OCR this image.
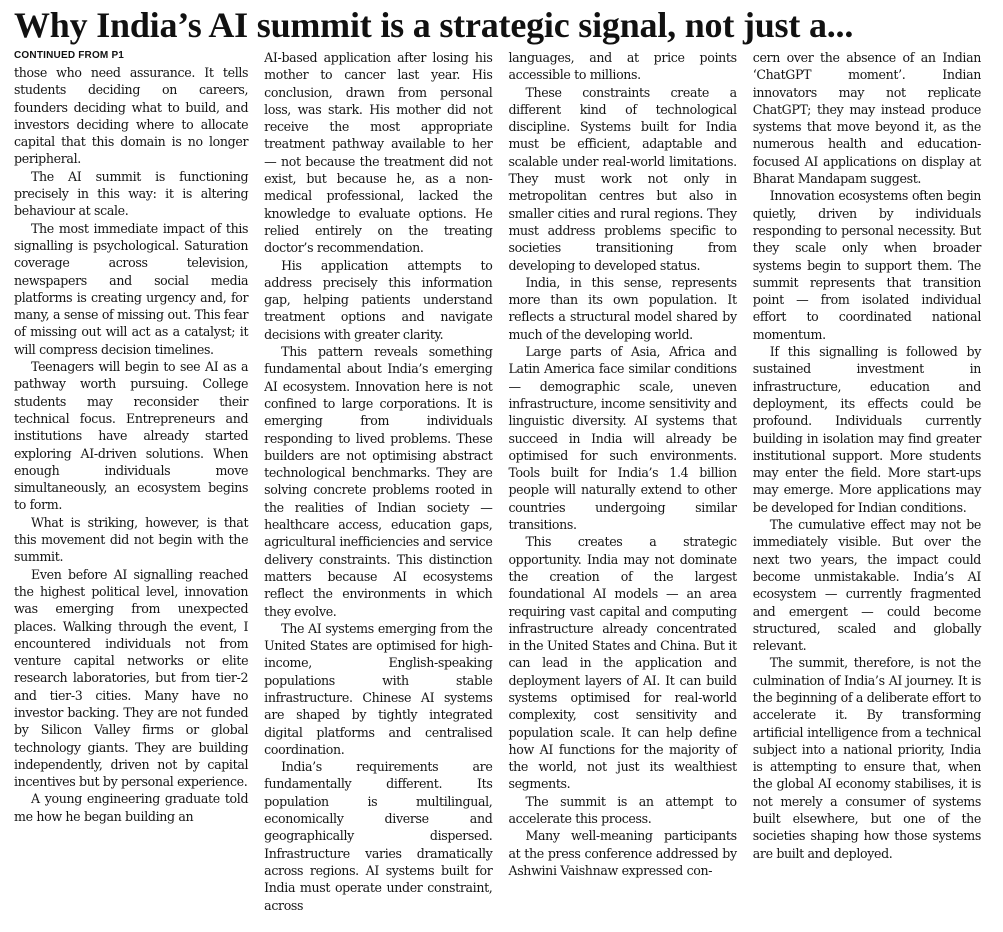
Why India’s AI summit is a strategic signal, not just a...
CONTINUED FROM P1

those who need assurance. It tells students deciding on careers, founders deciding what to build, and investors deciding where to allocate capital that this domain is no longer peripheral.

The AI summit is functioning precisely in this way: it is altering behaviour at scale.

The most immediate impact of this signalling is psychological. Saturation coverage across television, newspapers and social media platforms is creating urgency and, for many, a sense of missing out. This fear of missing out will act as a catalyst; it will compress decision timelines.

Teenagers will begin to see AI as a pathway worth pursuing. College students may reconsider their technical focus. Entrepreneurs and institutions have already started exploring AI-driven solutions. When enough individuals move simultaneously, an ecosystem begins to form.

What is striking, however, is that this movement did not begin with the summit.

Even before AI signalling reached the highest political level, innovation was emerging from unexpected places. Walking through the event, I encountered individuals not from venture capital networks or elite research laboratories, but from tier-2 and tier-3 cities. Many have no investor backing. They are not funded by Silicon Valley firms or global technology giants. They are building independently, driven not by capital incentives but by personal experience.

A young engineering graduate told me how he began building an

AI-based application after losing his mother to cancer last year. His conclusion, drawn from personal loss, was stark. His mother did not receive the most appropriate treatment pathway available to her — not because the treatment did not exist, but because he, as a non-medical professional, lacked the knowledge to evaluate options. He relied entirely on the treating doctor’s recommendation.

His application attempts to address precisely this information gap, helping patients understand treatment options and navigate decisions with greater clarity.

This pattern reveals something fundamental about India’s emerging AI ecosystem. Innovation here is not confined to large corporations. It is emerging from individuals responding to lived problems. These builders are not optimising abstract technological benchmarks. They are solving concrete problems rooted in the realities of Indian society — healthcare access, education gaps, agricultural inefficiencies and service delivery constraints. This distinction matters because AI ecosystems reflect the environments in which they evolve.

The AI systems emerging from the United States are optimised for high-income, English-speaking populations with stable infrastructure. Chinese AI systems are shaped by tightly integrated digital platforms and centralised coordination.

India’s requirements are fundamentally different. Its population is multilingual, economically diverse and geographically dispersed. Infrastructure varies dramatically across regions. AI systems built for India must operate under constraint, across

languages, and at price points accessible to millions.

These constraints create a different kind of technological discipline. Systems built for India must be efficient, adaptable and scalable under real-world limitations. They must work not only in metropolitan centres but also in smaller cities and rural regions. They must address problems specific to societies transitioning from developing to developed status.

India, in this sense, represents more than its own population. It reflects a structural model shared by much of the developing world.

Large parts of Asia, Africa and Latin America face similar conditions — demographic scale, uneven infrastructure, income sensitivity and linguistic diversity. AI systems that succeed in India will already be optimised for such environments. Tools built for India’s 1.4 billion people will naturally extend to other countries undergoing similar transitions.

This creates a strategic opportunity. India may not dominate the creation of the largest foundational AI models — an area requiring vast capital and computing infrastructure already concentrated in the United States and China. But it can lead in the application and deployment layers of AI. It can build systems optimised for real-world complexity, cost sensitivity and population scale. It can help define how AI functions for the majority of the world, not just its wealthiest segments.

The summit is an attempt to accelerate this process.

Many well-meaning participants at the press conference addressed by Ashwini Vaishnaw expressed con-

cern over the absence of an Indian ‘ChatGPT moment’. Indian innovators may not replicate ChatGPT; they may instead produce systems that move beyond it, as the numerous health and education-focused AI applications on display at Bharat Mandapam suggest.

Innovation ecosystems often begin quietly, driven by individuals responding to personal necessity. But they scale only when broader systems begin to support them. The summit represents that transition point — from isolated individual effort to coordinated national momentum.

If this signalling is followed by sustained investment in infrastructure, education and deployment, its effects could be profound. Individuals currently building in isolation may find greater institutional support. More students may enter the field. More start-ups may emerge. More applications may be developed for Indian conditions.

The cumulative effect may not be immediately visible. But over the next two years, the impact could become unmistakable. India’s AI ecosystem — currently fragmented and emergent — could become structured, scaled and globally relevant.

The summit, therefore, is not the culmination of India’s AI journey. It is the beginning of a deliberate effort to accelerate it. By transforming artificial intelligence from a technical subject into a national priority, India is attempting to ensure that, when the global AI economy stabilises, it is not merely a consumer of systems built elsewhere, but one of the societies shaping how those systems are built and deployed.
